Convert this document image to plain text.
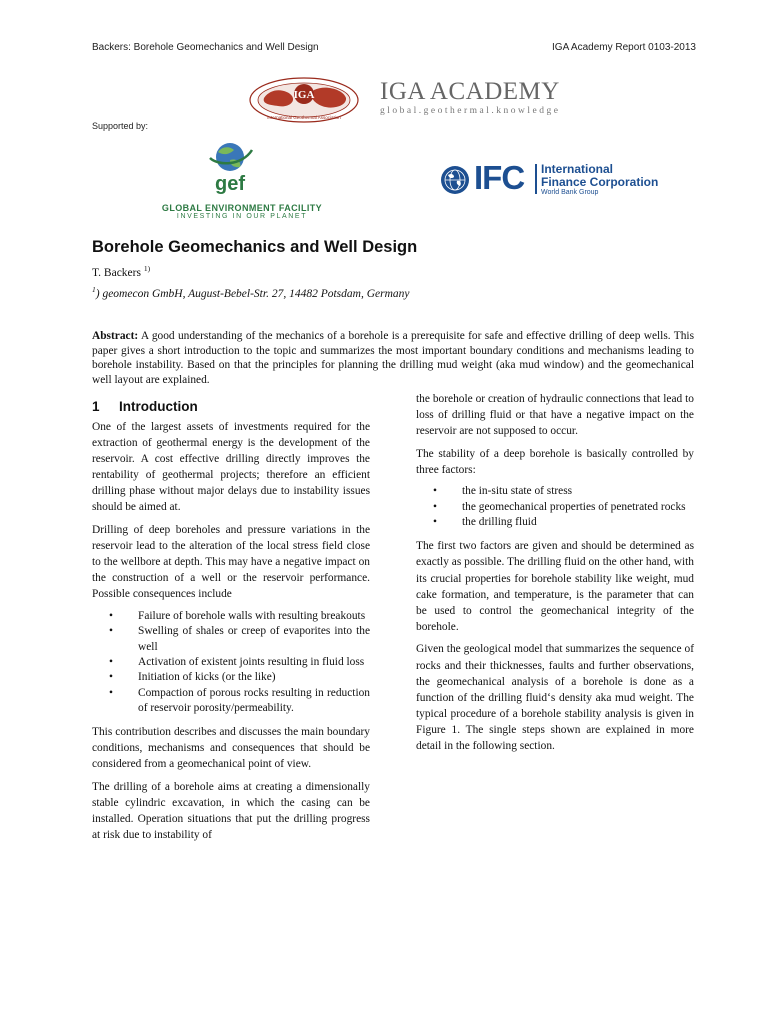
Backers: Borehole Geomechanics and Well Design	IGA Academy Report 0103-2013
IGA
International Geothermal Association
IGA ACADEMY
global.geothermal.knowledge
Supported by:
gef
GLOBAL ENVIRONMENT FACILITY
INVESTING IN OUR PLANET
IFC International
Finance Corporation
World Bank Group
Borehole Geomechanics and Well Design
T. Backers $^{1)}$
$^1$) geomecon GmbH, August-Bebel-Str. 27, 14482 Potsdam, Germany

Abstract: A good understanding of the mechanics of a borehole is a prerequisite for safe and effective drilling of deep wells. This paper gives a short introduction to the topic and summarizes the most important boundary conditions and mechanisms leading to borehole instability. Based on that the principles for planning the drilling mud weight (aka mud window) and the geomechanical well layout are explained.

1 Introduction

One of the largest assets of investments required for the extraction of geothermal energy is the development of the reservoir. A cost effective drilling directly improves the rentability of geothermal projects; therefore an efficient drilling phase without major delays due to instability issues should be aimed at.

Drilling of deep boreholes and pressure variations in the reservoir lead to the alteration of the local stress field close to the wellbore at depth. This may have a negative impact on the construction of a well or the reservoir performance. Possible consequences include

• Failure of borehole walls with resulting breakouts
• Swelling of shales or creep of evaporites into the well
• Activation of existent joints resulting in fluid loss
• Initiation of kicks (or the like)
• Compaction of porous rocks resulting in reduction of reservoir porosity/permeability.

This contribution describes and discusses the main boundary conditions, mechanisms and consequences that should be considered from a geomechanical point of view.

The drilling of a borehole aims at creating a dimensionally stable cylindric excavation, in which the casing can be installed. Operation situations that put the drilling progress at risk due to instability of

the borehole or creation of hydraulic connections that lead to loss of drilling fluid or that have a negative impact on the reservoir are not supposed to occur.

The stability of a deep borehole is basically controlled by three factors:

• the in-situ state of stress
• the geomechanical properties of penetrated rocks
• the drilling fluid

The first two factors are given and should be determined as exactly as possible. The drilling fluid on the other hand, with its crucial properties for borehole stability like weight, mud cake formation, and temperature, is the parameter that can be used to control the geomechanical integrity of the borehole.

Given the geological model that summarizes the sequence of rocks and their thicknesses, faults and further observations, the geomechanical analysis of a borehole is done as a function of the drilling fluid‘s density aka mud weight. The typical procedure of a borehole stability analysis is given in Figure 1. The single steps shown are explained in more detail in the following section.
